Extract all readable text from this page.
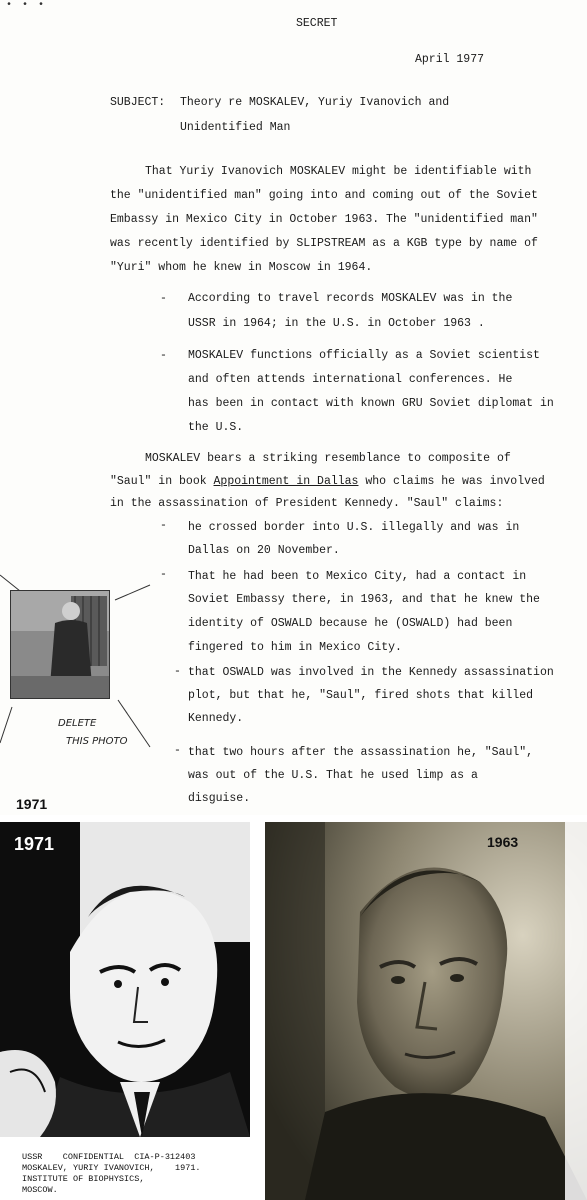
• • •
SECRET
April 1977
SUBJECT: Theory re MOSKALEV, Yuriy Ivanovich and
Unidentified Man
That Yuriy Ivanovich MOSKALEV might be identifiable with
the "unidentified man" going into and coming out of the Soviet
Embassy in Mexico City in October 1963. The "unidentified man"
was recently identified by SLIPSTREAM as a KGB type by name of
"Yuri" whom he knew in Moscow in 1964.
- According to travel records MOSKALEV was in the
USSR in 1964; in the U.S. in October 1963 .
- MOSKALEV functions officially as a Soviet scientist
and often attends international conferences. He
has been in contact with known GRU Soviet diplomat in
the U.S.
MOSKALEV bears a striking resemblance to composite of
"Saul" in book Appointment in Dallas who claims he was involved
in the assassination of President Kennedy. "Saul" claims:
- he crossed border into U.S. illegally and was in
Dallas on 20 November.
- That he had been to Mexico City, had a contact in
Soviet Embassy there, in 1963, and that he knew the
identity of OSWALD because he (OSWALD) had been
fingered to him in Mexico City.
- that OSWALD was involved in the Kennedy assassination
plot, but that he, "Saul", fired shots that killed
Kennedy.
- that two hours after the assassination he, "Saul",
was out of the U.S. That he used limp as a
disguise.
DELETE
THIS PHOTO
1971
1971
USSR    CONFIDENTIAL  CIA-P-312403
MOSKALEV, YURIY IVANOVICH,    1971.
INSTITUTE OF BIOPHYSICS,
MOSCOW.
1963
